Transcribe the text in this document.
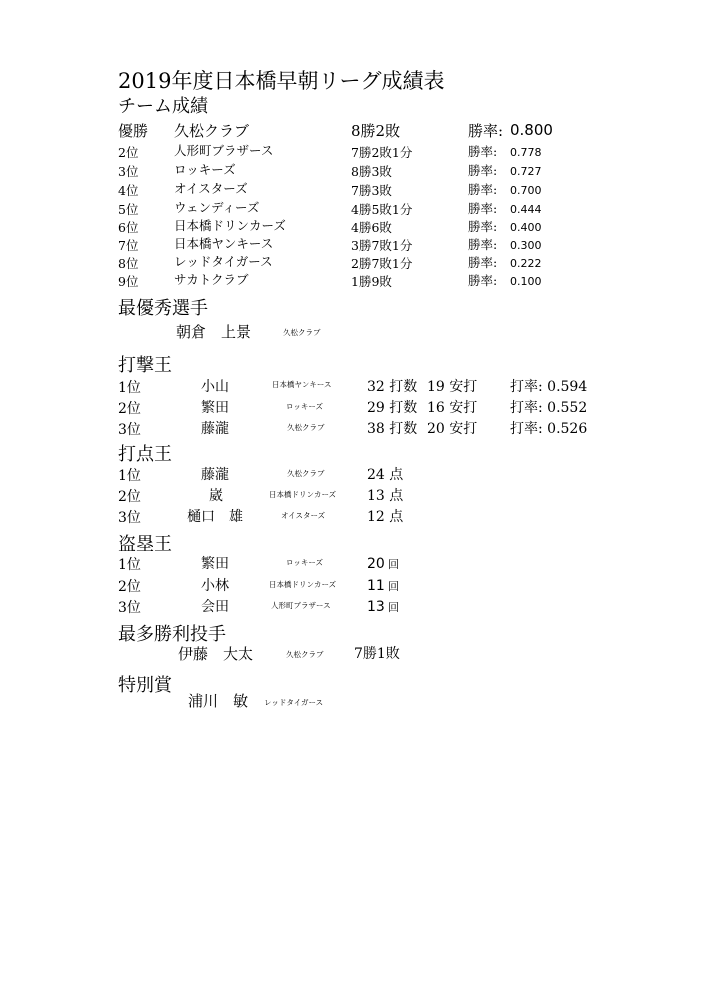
2019年度日本橋早朝リーグ成績表
チーム成績
優勝 久松クラブ	8勝2敗	勝率: 0.800
2位	人形町ブラザース	7勝2敗1分	勝率: 0.778
3位	ロッキーズ	8勝3敗	勝率: 0.727
4位	オイスターズ	7勝3敗	勝率: 0.700
5位	ウェンディーズ	4勝5敗1分	勝率: 0.444
6位	日本橋ドリンカーズ	4勝6敗	勝率: 0.400
7位	日本橋ヤンキース	3勝7敗1分	勝率: 0.300
8位	レッドタイガース	2勝7敗1分	勝率: 0.222
9位	サカトクラブ	1勝9敗	勝率: 0.100
最優秀選手
朝倉　上景	久松クラブ
打撃王
1位	小山	日本橋ヤンキース	32 打数 19 安打 打率: 0.594
2位	繁田	ロッキーズ	29 打数 16 安打 打率: 0.552
3位	藤瀧	久松クラブ	38 打数 20 安打 打率: 0.526
打点王
1位	藤瀧	久松クラブ	24 点
2位	崴	日本橋ドリンカーズ 13 点
3位	樋口　雄	オイスターズ	12 点
盗塁王
1位	繁田	ロッキーズ	20 回
2位	小林	日本橋ドリンカーズ 11 回
3位	会田	人形町ブラザース	13 回
最多勝利投手
伊藤　大太	久松クラブ 7勝1敗
特別賞
浦川　敏 レッドタイガース
